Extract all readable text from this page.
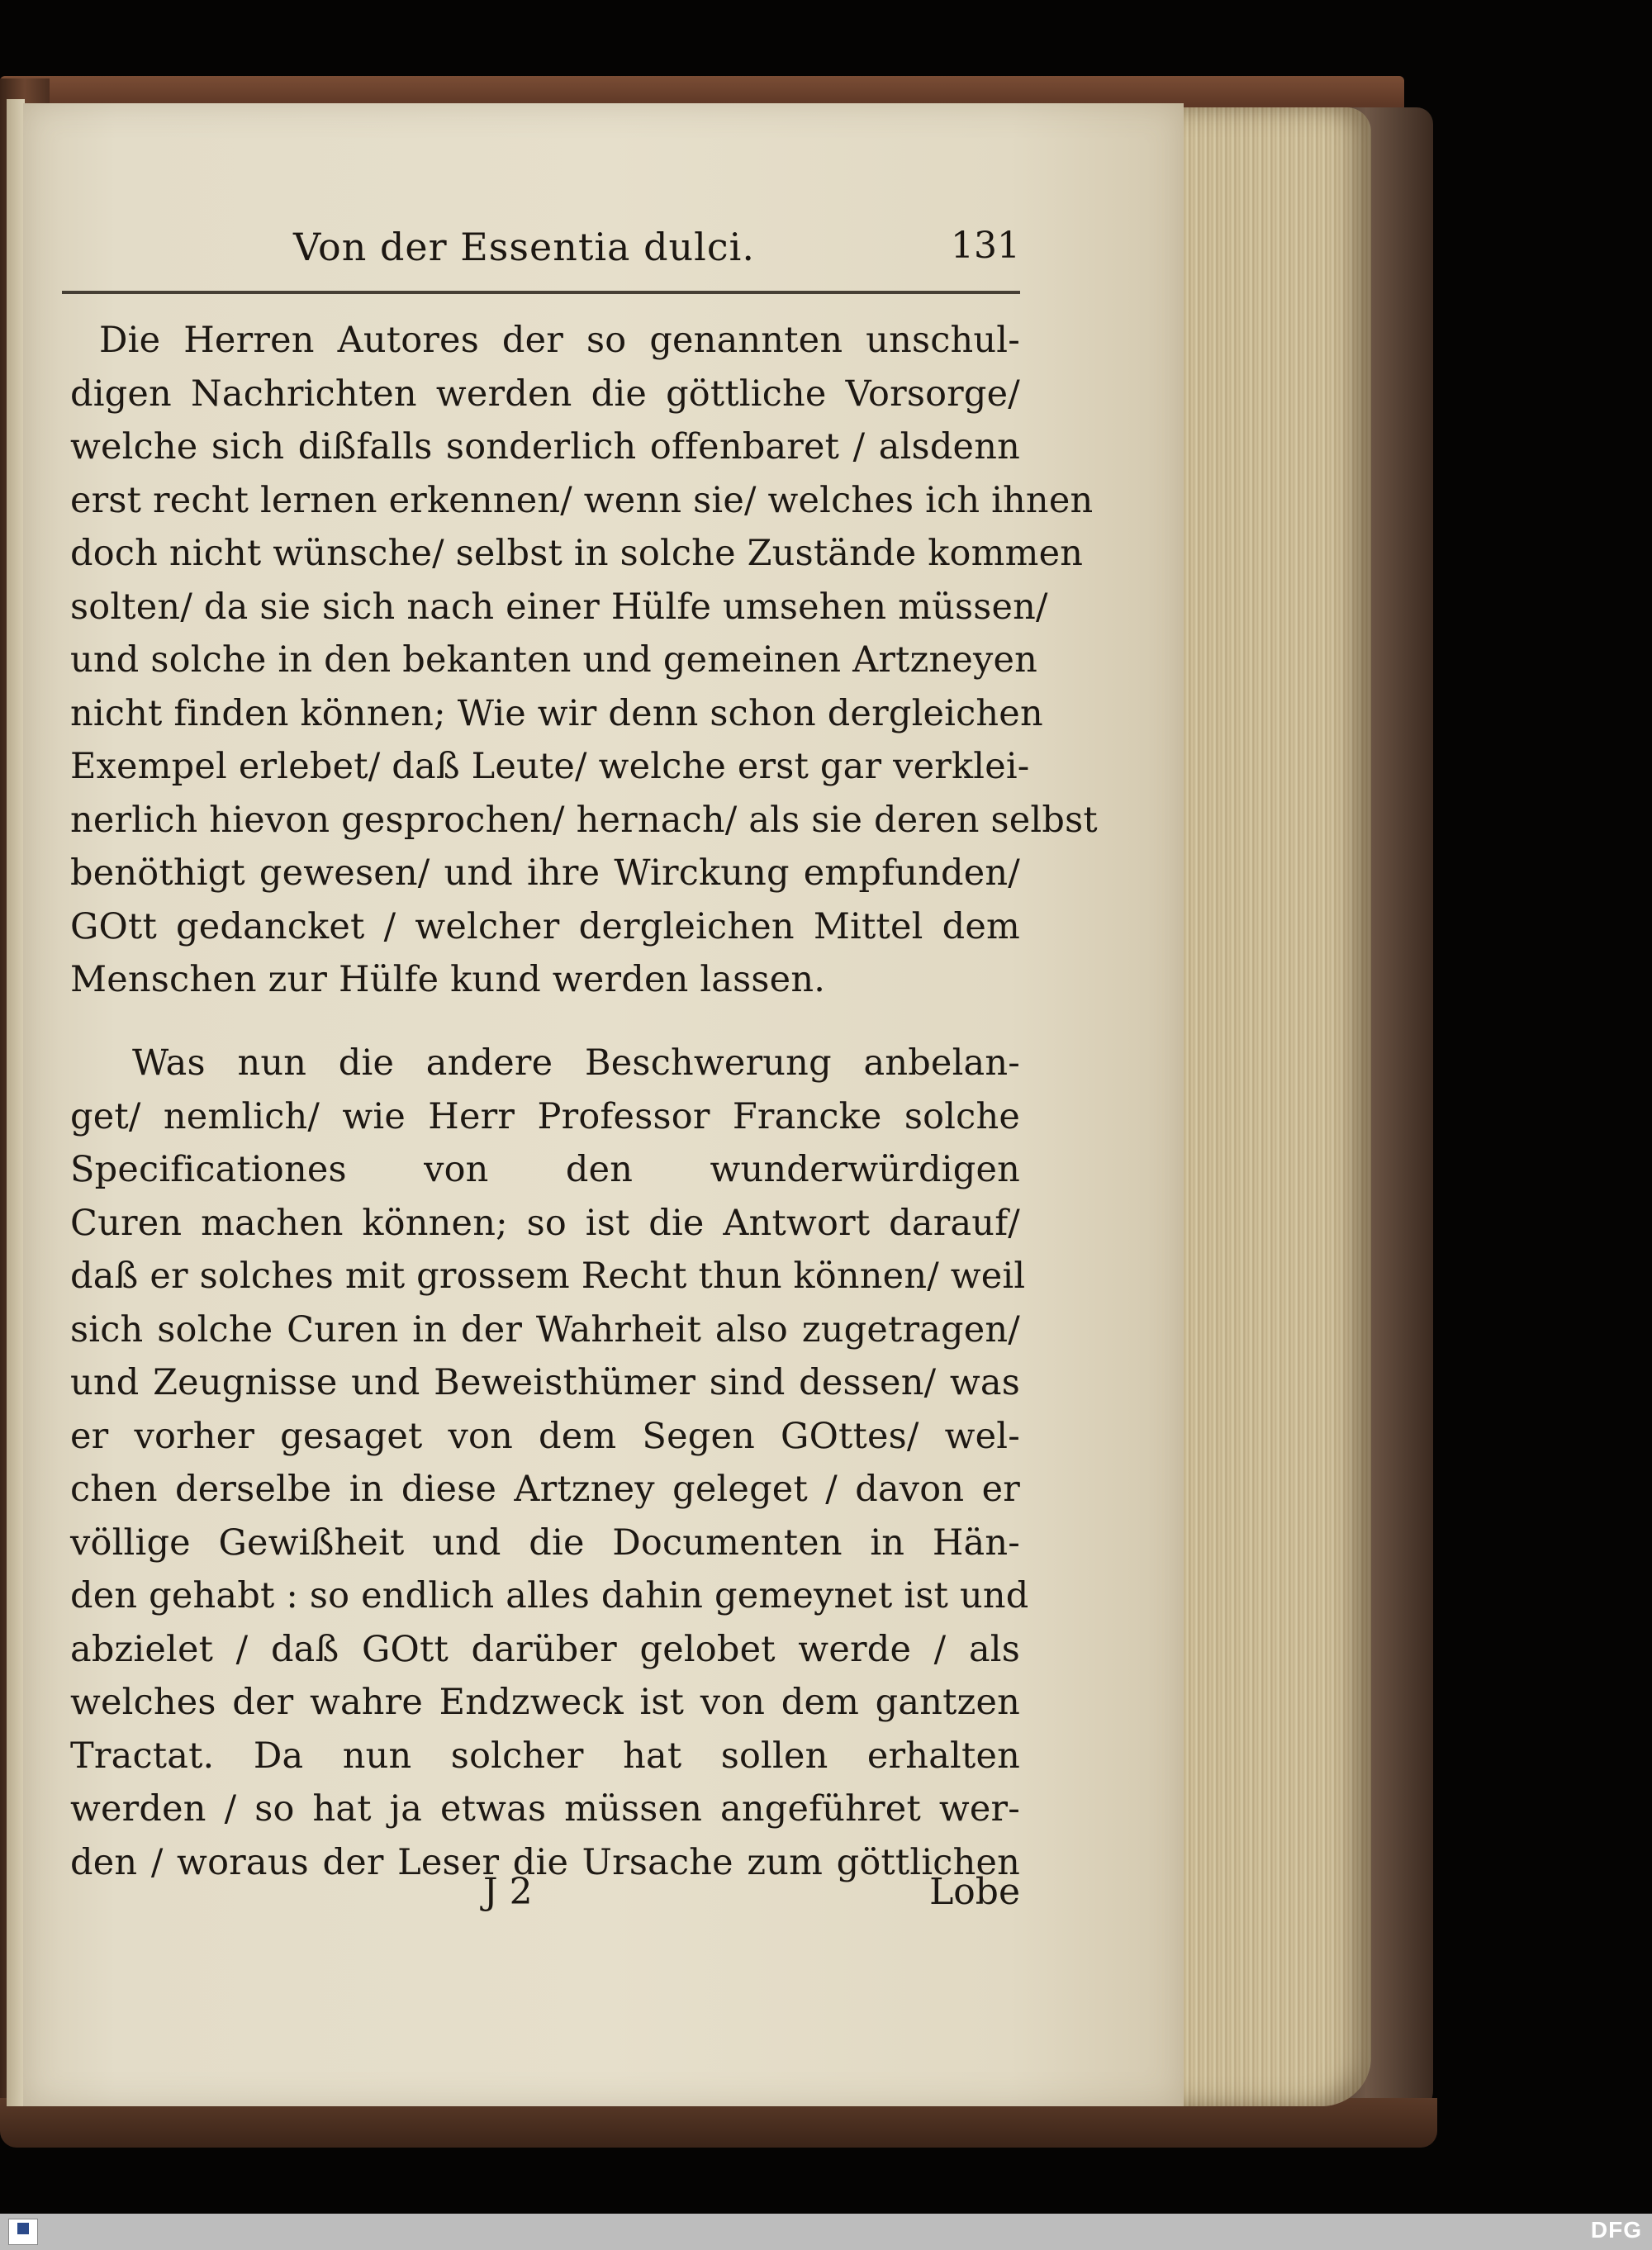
Von der Essentia dulci.	131
Die Herren Autores der so genannten unschul-
digen Nachrichten werden die göttliche Vorsorge/
welche sich dißfalls sonderlich offenbaret / alsdenn
erst recht lernen erkennen/ wenn sie/ welches ich ihnen
doch nicht wünsche/ selbst in solche Zustände kommen
solten/ da sie sich nach einer Hülfe umsehen müssen/
und solche in den bekanten und gemeinen Artzneyen
nicht finden können; Wie wir denn schon dergleichen
Exempel erlebet/ daß Leute/ welche erst gar verklei-
nerlich hievon gesprochen/ hernach/ als sie deren selbst
benöthigt gewesen/ und ihre Wirckung empfunden/
GOtt gedancket / welcher dergleichen Mittel dem
Menschen zur Hülfe kund werden lassen.
Was nun die andere Beschwerung anbelan-
get/ nemlich/ wie Herr Professor Francke solche
Specificationes von den wunderwürdigen
Curen machen können; so ist die Antwort darauf/
daß er solches mit grossem Recht thun können/ weil
sich solche Curen in der Wahrheit also zugetragen/
und Zeugnisse und Beweisthümer sind dessen/ was
er vorher gesaget von dem Segen GOttes/ wel-
chen derselbe in diese Artzney geleget / davon er
völlige Gewißheit und die Documenten in Hän-
den gehabt : so endlich alles dahin gemeynet ist und
abzielet / daß GOtt darüber gelobet werde / als
welches der wahre Endzweck ist von dem gantzen
Tractat. Da nun solcher hat sollen erhalten
werden / so hat ja etwas müssen angeführet wer-
den / woraus der Leser die Ursache zum göttlichen
J 2	Lobe
DFG
